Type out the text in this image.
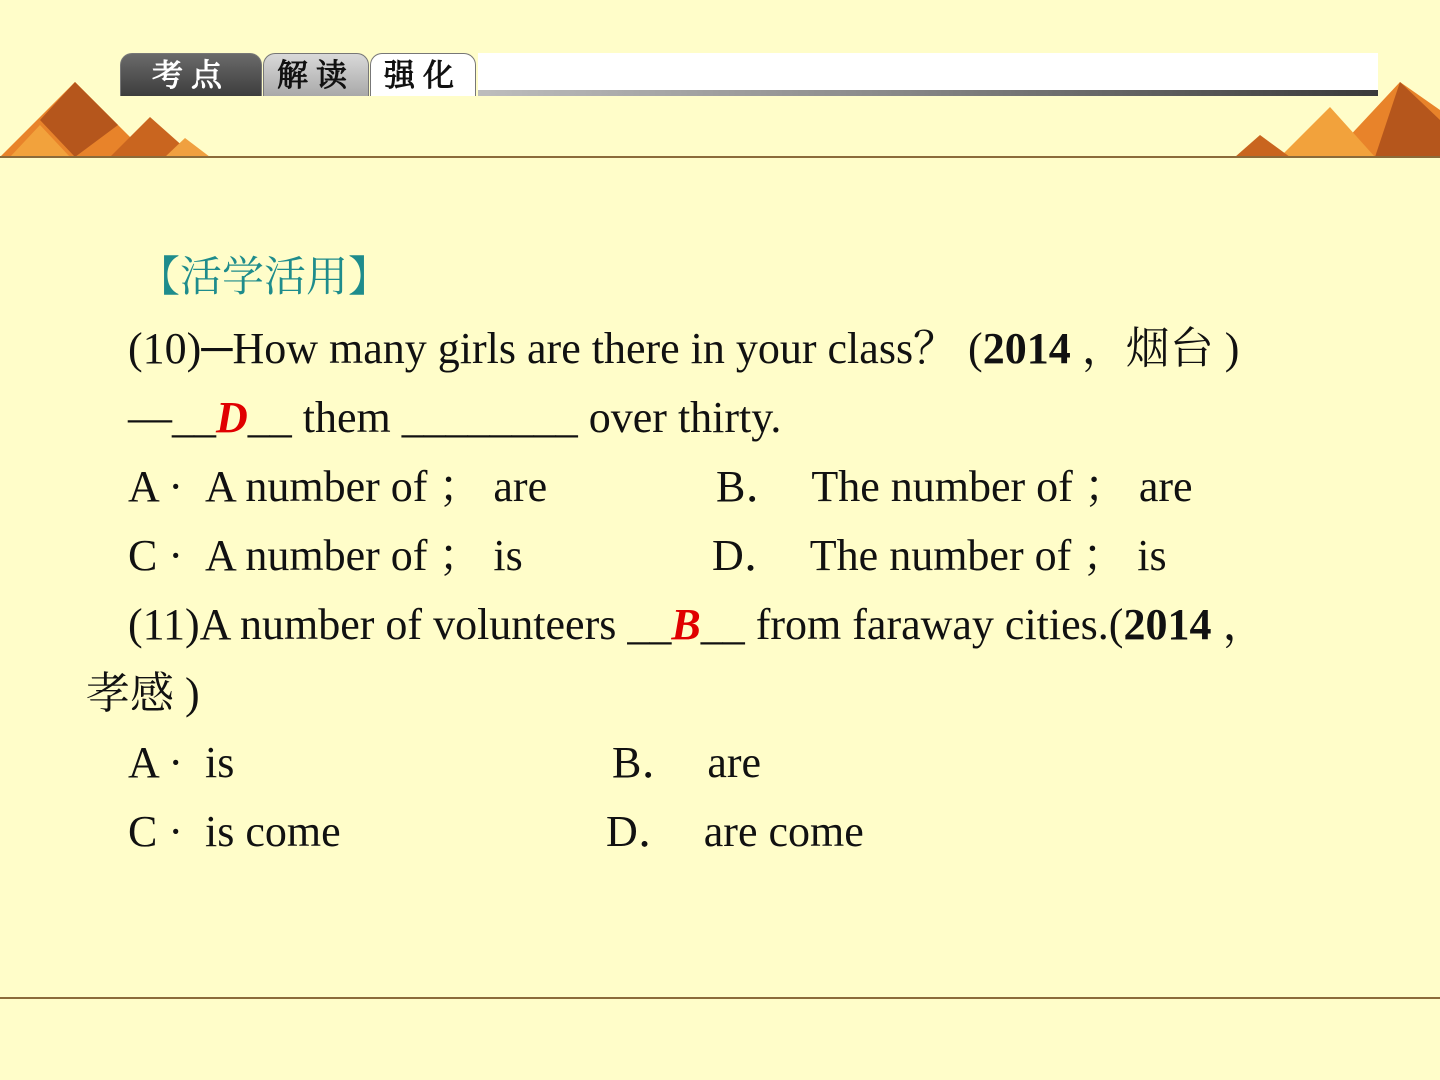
考点	解读 强化
【活学活用】
(10)─How many girls are there in your class？ (2014 ，烟台 )
—__D__ them ________ over thirty.
A · A number of ； are	B． The number of ； are
C · A number of ； is	D． The number of ； is
(11)A number of volunteers __B__ from faraway cities.(2014 ，
孝感 )
A · is	B． are
C · is come	D． are come
